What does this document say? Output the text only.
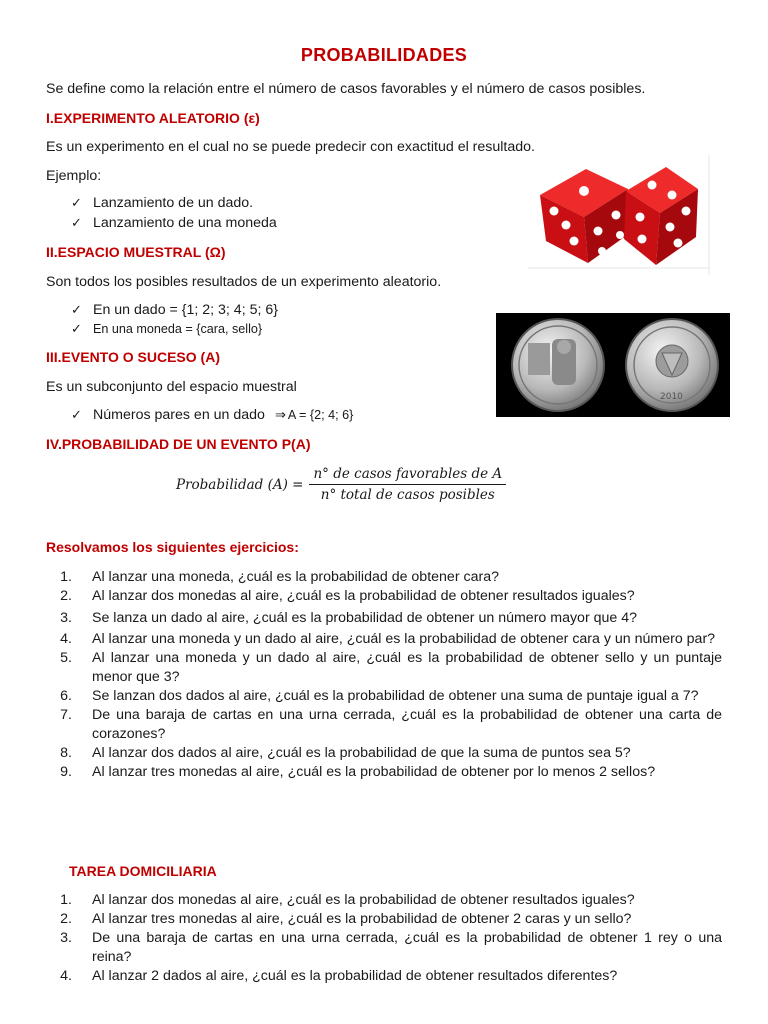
PROBABILIDADES
Se define como la relación entre el número de casos favorables y el número de casos posibles.
I.EXPERIMENTO ALEATORIO (ε)
Es un experimento en el cual no se puede predecir con exactitud el resultado.
Ejemplo:
✓ Lanzamiento de un dado.
✓ Lanzamiento de una moneda
II.ESPACIO MUESTRAL (Ω)
Son todos los posibles resultados de un experimento aleatorio.
✓ En un dado = {1; 2; 3; 4; 5; 6}
✓ En una moneda = {cara, sello}
2010
III.EVENTO O SUCESO (A)
Es un subconjunto del espacio muestral
✓ Números pares en un dado ⇒ A = {2; 4; 6}
IV.PROBABILIDAD DE UN EVENTO P(A)
Probabilidad (A) =
n° de casos favorables de A
n° total de casos posibles
Resolvamos los siguientes ejercicios:
1.	Al lanzar una moneda, ¿cuál es la probabilidad de obtener cara?
2.	Al lanzar dos monedas al aire, ¿cuál es la probabilidad de obtener resultados iguales?
3.	Se lanza un dado al aire, ¿cuál es la probabilidad de obtener un número mayor que 4?
4.	Al lanzar una moneda y un dado al aire, ¿cuál es la probabilidad de obtener cara y un número par?
5.	Al lanzar una moneda y un dado al aire, ¿cuál es la probabilidad de obtener sello y un puntaje menor que 3?
6.	Se lanzan dos dados al aire, ¿cuál es la probabilidad de obtener una suma de puntaje igual a 7?
7.	De una baraja de cartas en una urna cerrada, ¿cuál es la probabilidad de obtener una carta de corazones?
8.	Al lanzar dos dados al aire, ¿cuál es la probabilidad de que la suma de puntos sea 5?
9.	Al lanzar tres monedas al aire, ¿cuál es la probabilidad de obtener por lo menos 2 sellos?
TAREA DOMICILIARIA
1.	Al lanzar dos monedas al aire, ¿cuál es la probabilidad de obtener resultados iguales?
2.	Al lanzar tres monedas al aire, ¿cuál es la probabilidad de obtener 2 caras y un sello?
3.	De una baraja de cartas en una urna cerrada, ¿cuál es la probabilidad de obtener 1 rey o una reina?
4.	Al lanzar 2 dados al aire, ¿cuál es la probabilidad de obtener resultados diferentes?
